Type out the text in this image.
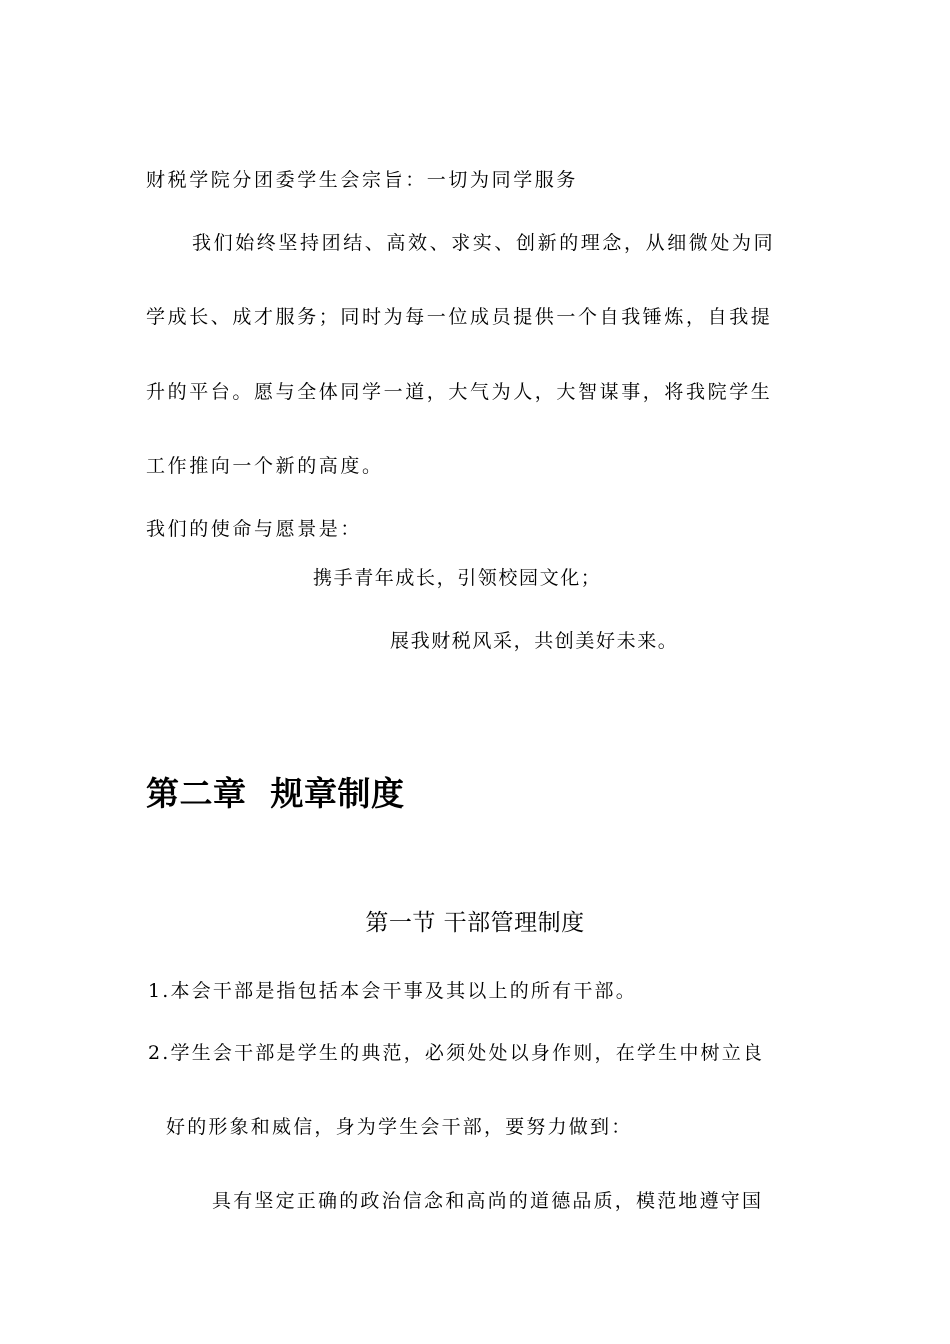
财税学院分团委学生会宗旨：一切为同学服务
我们始终坚持团结、高效、求实、创新的理念，从细微处为同
学成长、成才服务；同时为每一位成员提供一个自我锤炼，自我提
升的平台。愿与全体同学一道，大气为人，大智谋事，将我院学生
工作推向一个新的高度。
我们的使命与愿景是：
携手青年成长，引领校园文化；
展我财税风采，共创美好未来。
第二章  规章制度
第一节 干部管理制度
1.本会干部是指包括本会干事及其以上的所有干部。
2.学生会干部是学生的典范，必须处处以身作则，在学生中树立良
好的形象和威信，身为学生会干部，要努力做到：
具有坚定正确的政治信念和高尚的道德品质，模范地遵守国
